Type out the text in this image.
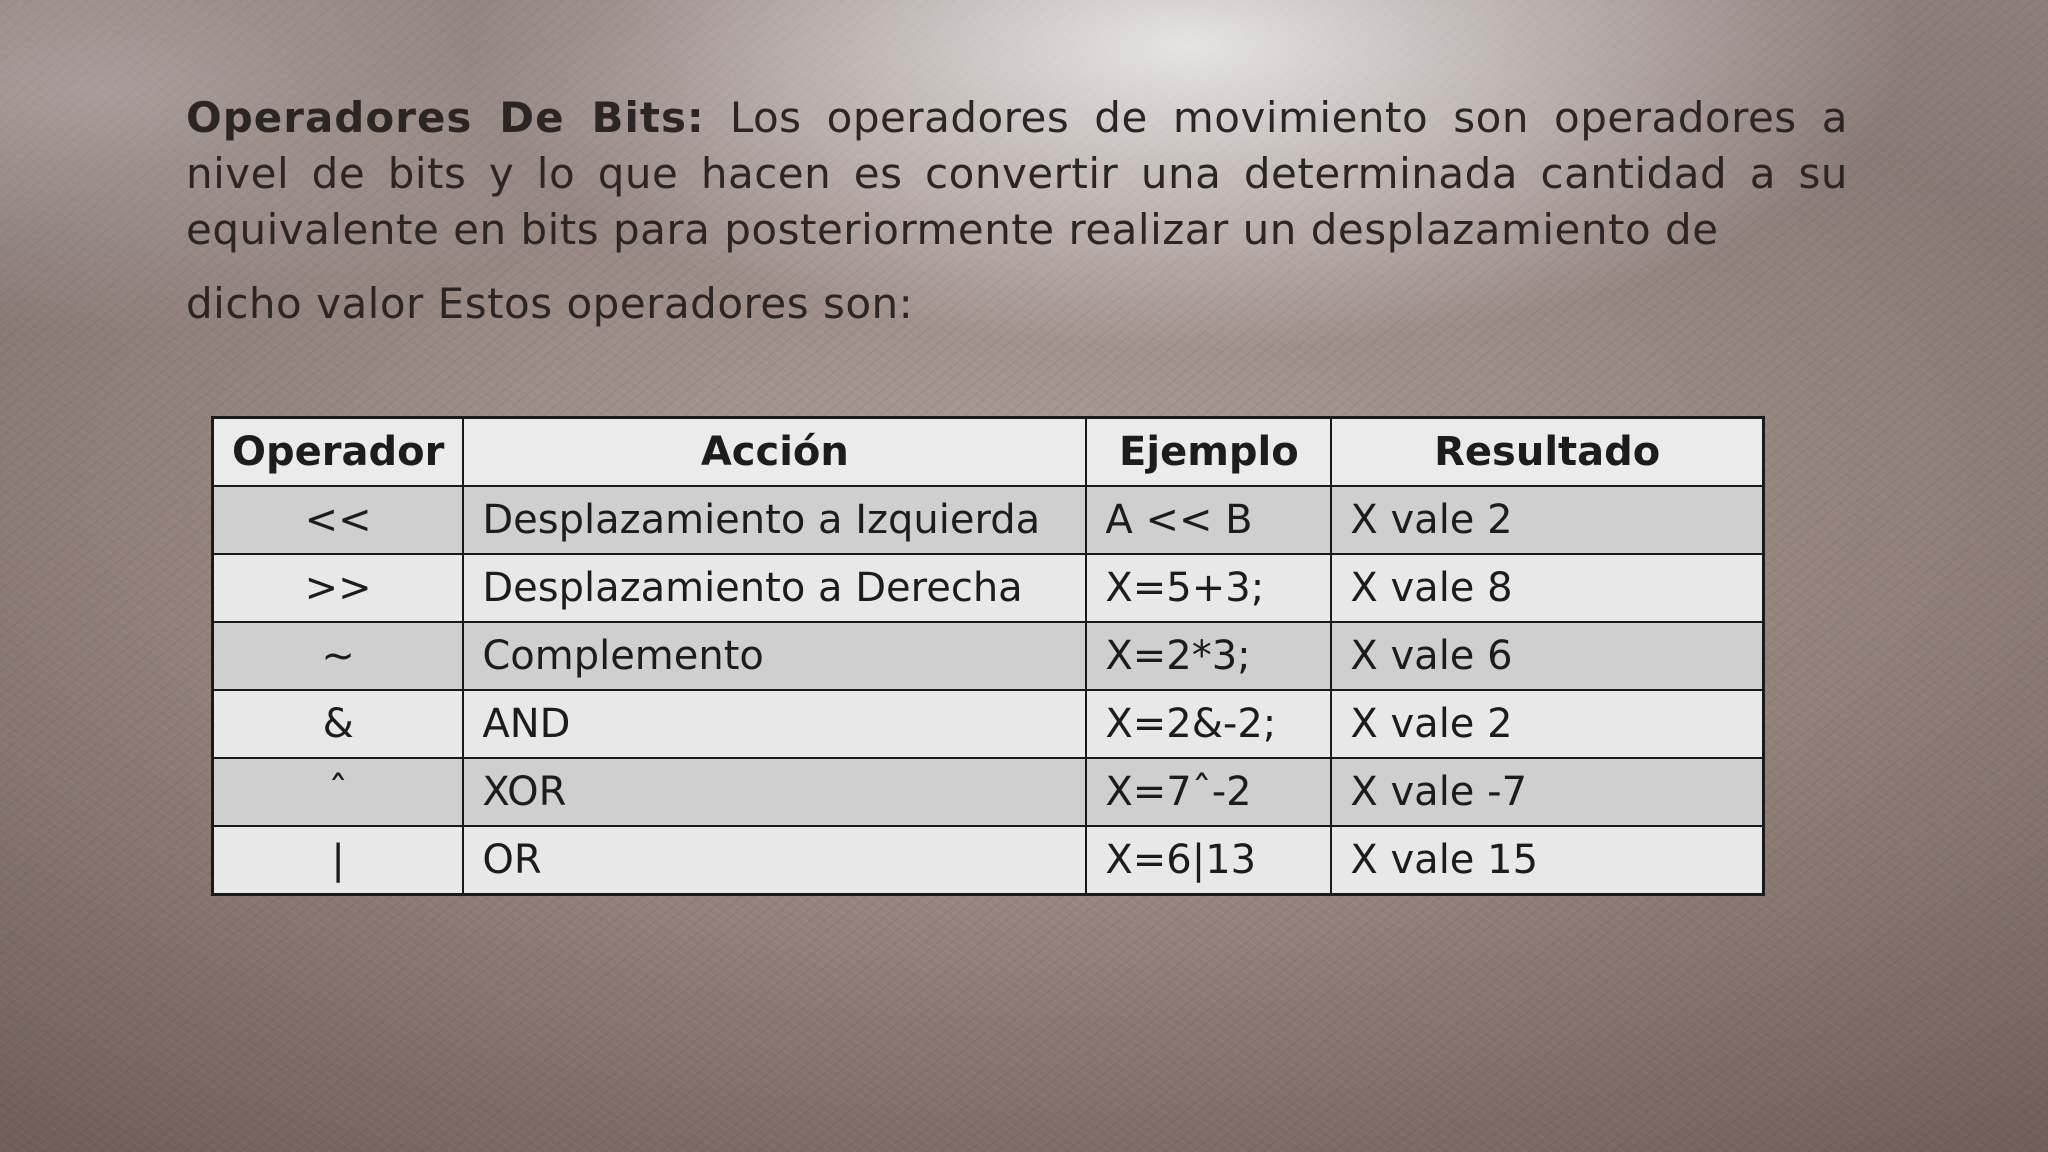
Operadores De Bits: Los operadores de movimiento son operadores a nivel de bits y lo que hacen es convertir una determinada cantidad a su equivalente en bits para posteriormente realizar un desplazamiento de

dicho valor Estos operadores son:

Operador	Acción	Ejemplo	Resultado
<<	Desplazamiento a Izquierda	A << B	X vale 2
>>	Desplazamiento a Derecha	X=5+3;	X vale 8
~	Complemento	X=2*3;	X vale 6
&	AND	X=2&-2;	X vale 2
ˆ	XOR	X=7ˆ-2	X vale -7
|	OR	X=6|13	X vale 15
